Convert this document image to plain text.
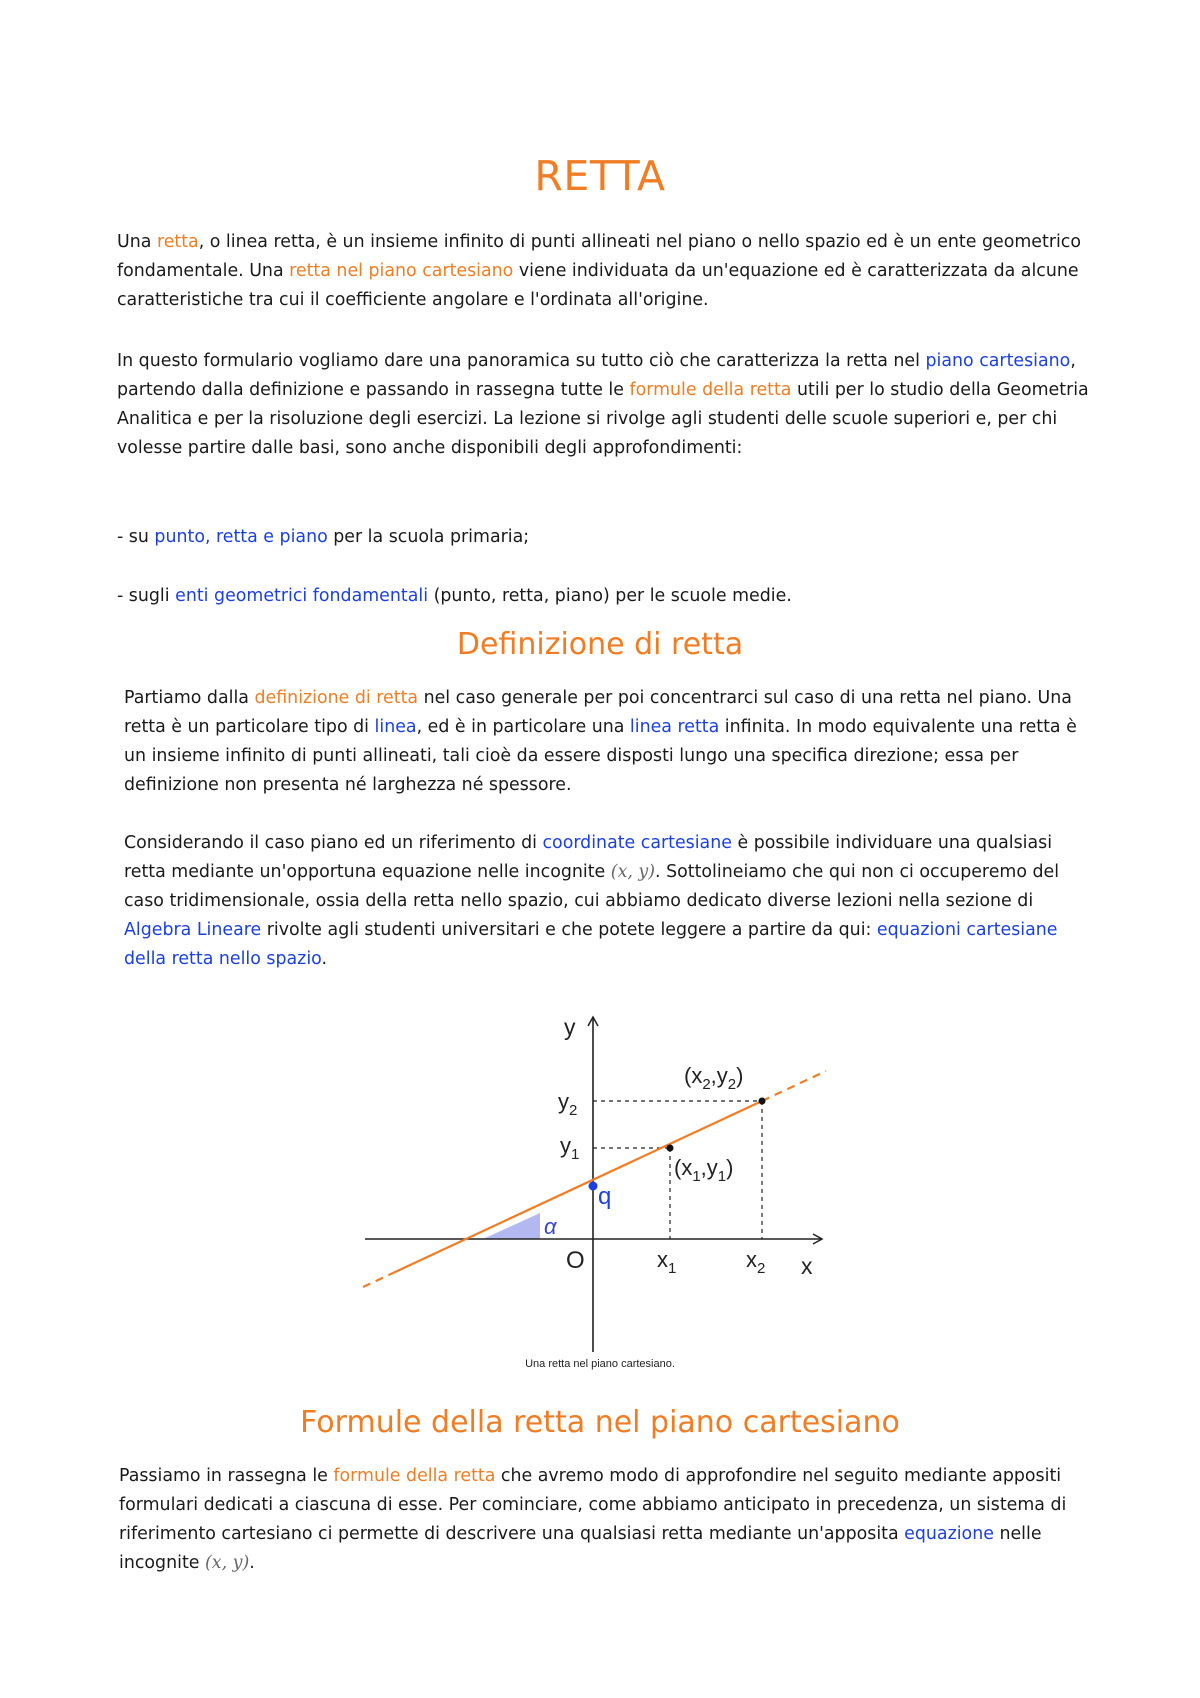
RETTA

Una retta, o linea retta, è un insieme infinito di punti allineati nel piano o nello spazio ed è un ente geometrico fondamentale. Una retta nel piano cartesiano viene individuata da un'equazione ed è caratterizzata da alcune caratteristiche tra cui il coefficiente angolare e l'ordinata all'origine.

In questo formulario vogliamo dare una panoramica su tutto ciò che caratterizza la retta nel piano cartesiano, partendo dalla definizione e passando in rassegna tutte le formule della retta utili per lo studio della Geometria Analitica e per la risoluzione degli esercizi. La lezione si rivolge agli studenti delle scuole superiori e, per chi volesse partire dalle basi, sono anche disponibili degli approfondimenti:

- su punto, retta e piano per la scuola primaria;

- sugli enti geometrici fondamentali (punto, retta, piano) per le scuole medie.

Definizione di retta

Partiamo dalla definizione di retta nel caso generale per poi concentrarci sul caso di una retta nel piano. Una retta è un particolare tipo di linea, ed è in particolare una linea retta infinita. In modo equivalente una retta è un insieme infinito di punti allineati, tali cioè da essere disposti lungo una specifica direzione; essa per definizione non presenta né larghezza né spessore.

Considerando il caso piano ed un riferimento di coordinate cartesiane è possibile individuare una qualsiasi retta mediante un'opportuna equazione nelle incognite (x, y). Sottolineiamo che qui non ci occuperemo del caso tridimensionale, ossia della retta nello spazio, cui abbiamo dedicato diverse lezioni nella sezione di Algebra Lineare rivolte agli studenti universitari e che potete leggere a partire da qui: equazioni cartesiane della retta nello spazio.

y
x
O
q
α
$y_2$
$y_1$
$x_1$	$x_2$
$(x_1,y_1)$
$(x_2,y_2)$
Una retta nel piano cartesiano.
Formule della retta nel piano cartesiano

Passiamo in rassegna le formule della retta che avremo modo di approfondire nel seguito mediante appositi formulari dedicati a ciascuna di esse. Per cominciare, come abbiamo anticipato in precedenza, un sistema di riferimento cartesiano ci permette di descrivere una qualsiasi retta mediante un'apposita equazione nelle incognite (x, y).
